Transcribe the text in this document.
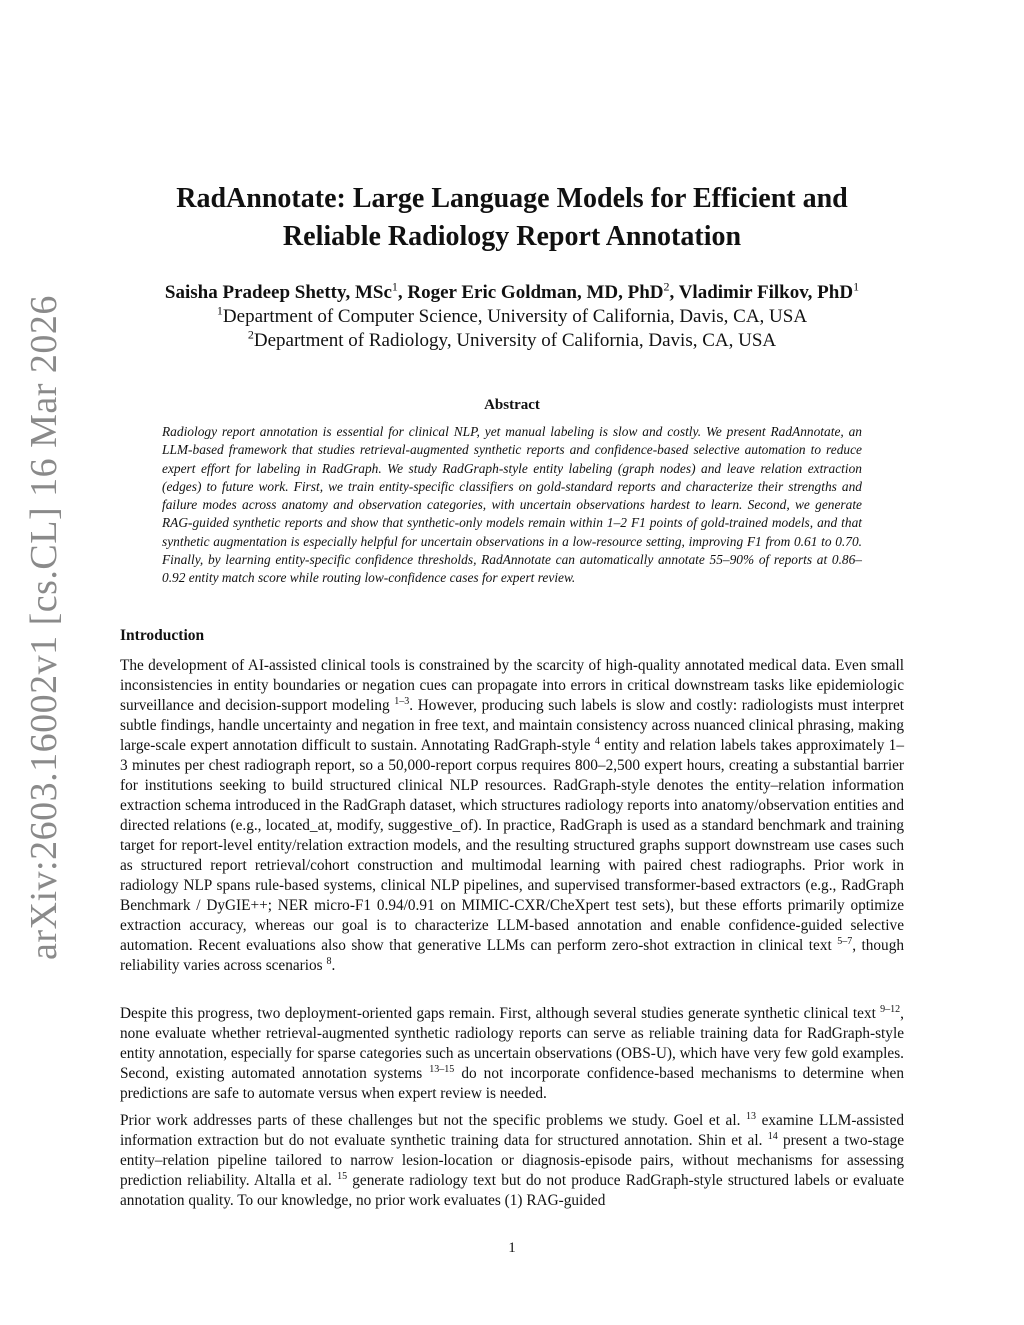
arXiv:2603.16002v1 [cs.CL] 16 Mar 2026
RadAnnotate: Large Language Models for Efficient and
Reliable Radiology Report Annotation

Saisha Pradeep Shetty, MSc$^1$, Roger Eric Goldman, MD, PhD$^2$, Vladimir Filkov, PhD$^1$

$^1$Department of Computer Science, University of California, Davis, CA, USA

$^2$Department of Radiology, University of California, Davis, CA, USA

Abstract

Radiology report annotation is essential for clinical NLP, yet manual labeling is slow and costly. We present RadAnnotate, an LLM-based framework that studies retrieval-augmented synthetic reports and confidence-based selective automation to reduce expert effort for labeling in RadGraph. We study RadGraph-style entity labeling (graph nodes) and leave relation extraction (edges) to future work. First, we train entity-specific classifiers on gold-standard reports and characterize their strengths and failure modes across anatomy and observation categories, with uncertain observations hardest to learn. Second, we generate RAG-guided synthetic reports and show that synthetic-only models remain within 1–2 F1 points of gold-trained models, and that synthetic augmentation is especially helpful for uncertain observations in a low-resource setting, improving F1 from 0.61 to 0.70. Finally, by learning entity-specific confidence thresholds, RadAnnotate can automatically annotate 55–90% of reports at 0.86–0.92 entity match score while routing low-confidence cases for expert review.

Introduction

The development of AI-assisted clinical tools is constrained by the scarcity of high-quality annotated medical data. Even small inconsistencies in entity boundaries or negation cues can propagate into errors in critical downstream tasks like epidemiologic surveillance and decision-support modeling $^{1-3}$. However, producing such labels is slow and costly: radiologists must interpret subtle findings, handle uncertainty and negation in free text, and maintain consistency across nuanced clinical phrasing, making large-scale expert annotation difficult to sustain. Annotating RadGraph-style $^4$ entity and relation labels takes approximately 1–3 minutes per chest radiograph report, so a 50,000-report corpus requires 800–2,500 expert hours, creating a substantial barrier for institutions seeking to build structured clinical NLP resources. RadGraph-style denotes the entity–relation information extraction schema introduced in the RadGraph dataset, which structures radiology reports into anatomy/observation entities and directed relations (e.g., located_at, modify, suggestive_of). In practice, RadGraph is used as a standard benchmark and training target for report-level entity/relation extraction models, and the resulting structured graphs support downstream use cases such as structured report retrieval/cohort construction and multimodal learning with paired chest radiographs. Prior work in radiology NLP spans rule-based systems, clinical NLP pipelines, and supervised transformer-based extractors (e.g., RadGraph Benchmark / DyGIE++; NER micro-F1 0.94/0.91 on MIMIC-CXR/CheXpert test sets), but these efforts primarily optimize extraction accuracy, whereas our goal is to characterize LLM-based annotation and enable confidence-guided selective automation. Recent evaluations also show that generative LLMs can perform zero-shot extraction in clinical text $^{5-7}$, though reliability varies across scenarios $^8$.

Despite this progress, two deployment-oriented gaps remain. First, although several studies generate synthetic clinical text $^{9-12}$, none evaluate whether retrieval-augmented synthetic radiology reports can serve as reliable training data for RadGraph-style entity annotation, especially for sparse categories such as uncertain observations (OBS-U), which have very few gold examples. Second, existing automated annotation systems $^{13-15}$ do not incorporate confidence-based mechanisms to determine when predictions are safe to automate versus when expert review is needed.

Prior work addresses parts of these challenges but not the specific problems we study. Goel et al. $^{13}$ examine LLM-assisted information extraction but do not evaluate synthetic training data for structured annotation. Shin et al. $^{14}$ present a two-stage entity–relation pipeline tailored to narrow lesion-location or diagnosis-episode pairs, without mechanisms for assessing prediction reliability. Altalla et al. $^{15}$ generate radiology text but do not produce RadGraph-style structured labels or evaluate annotation quality. To our knowledge, no prior work evaluates (1) RAG-guided

1
